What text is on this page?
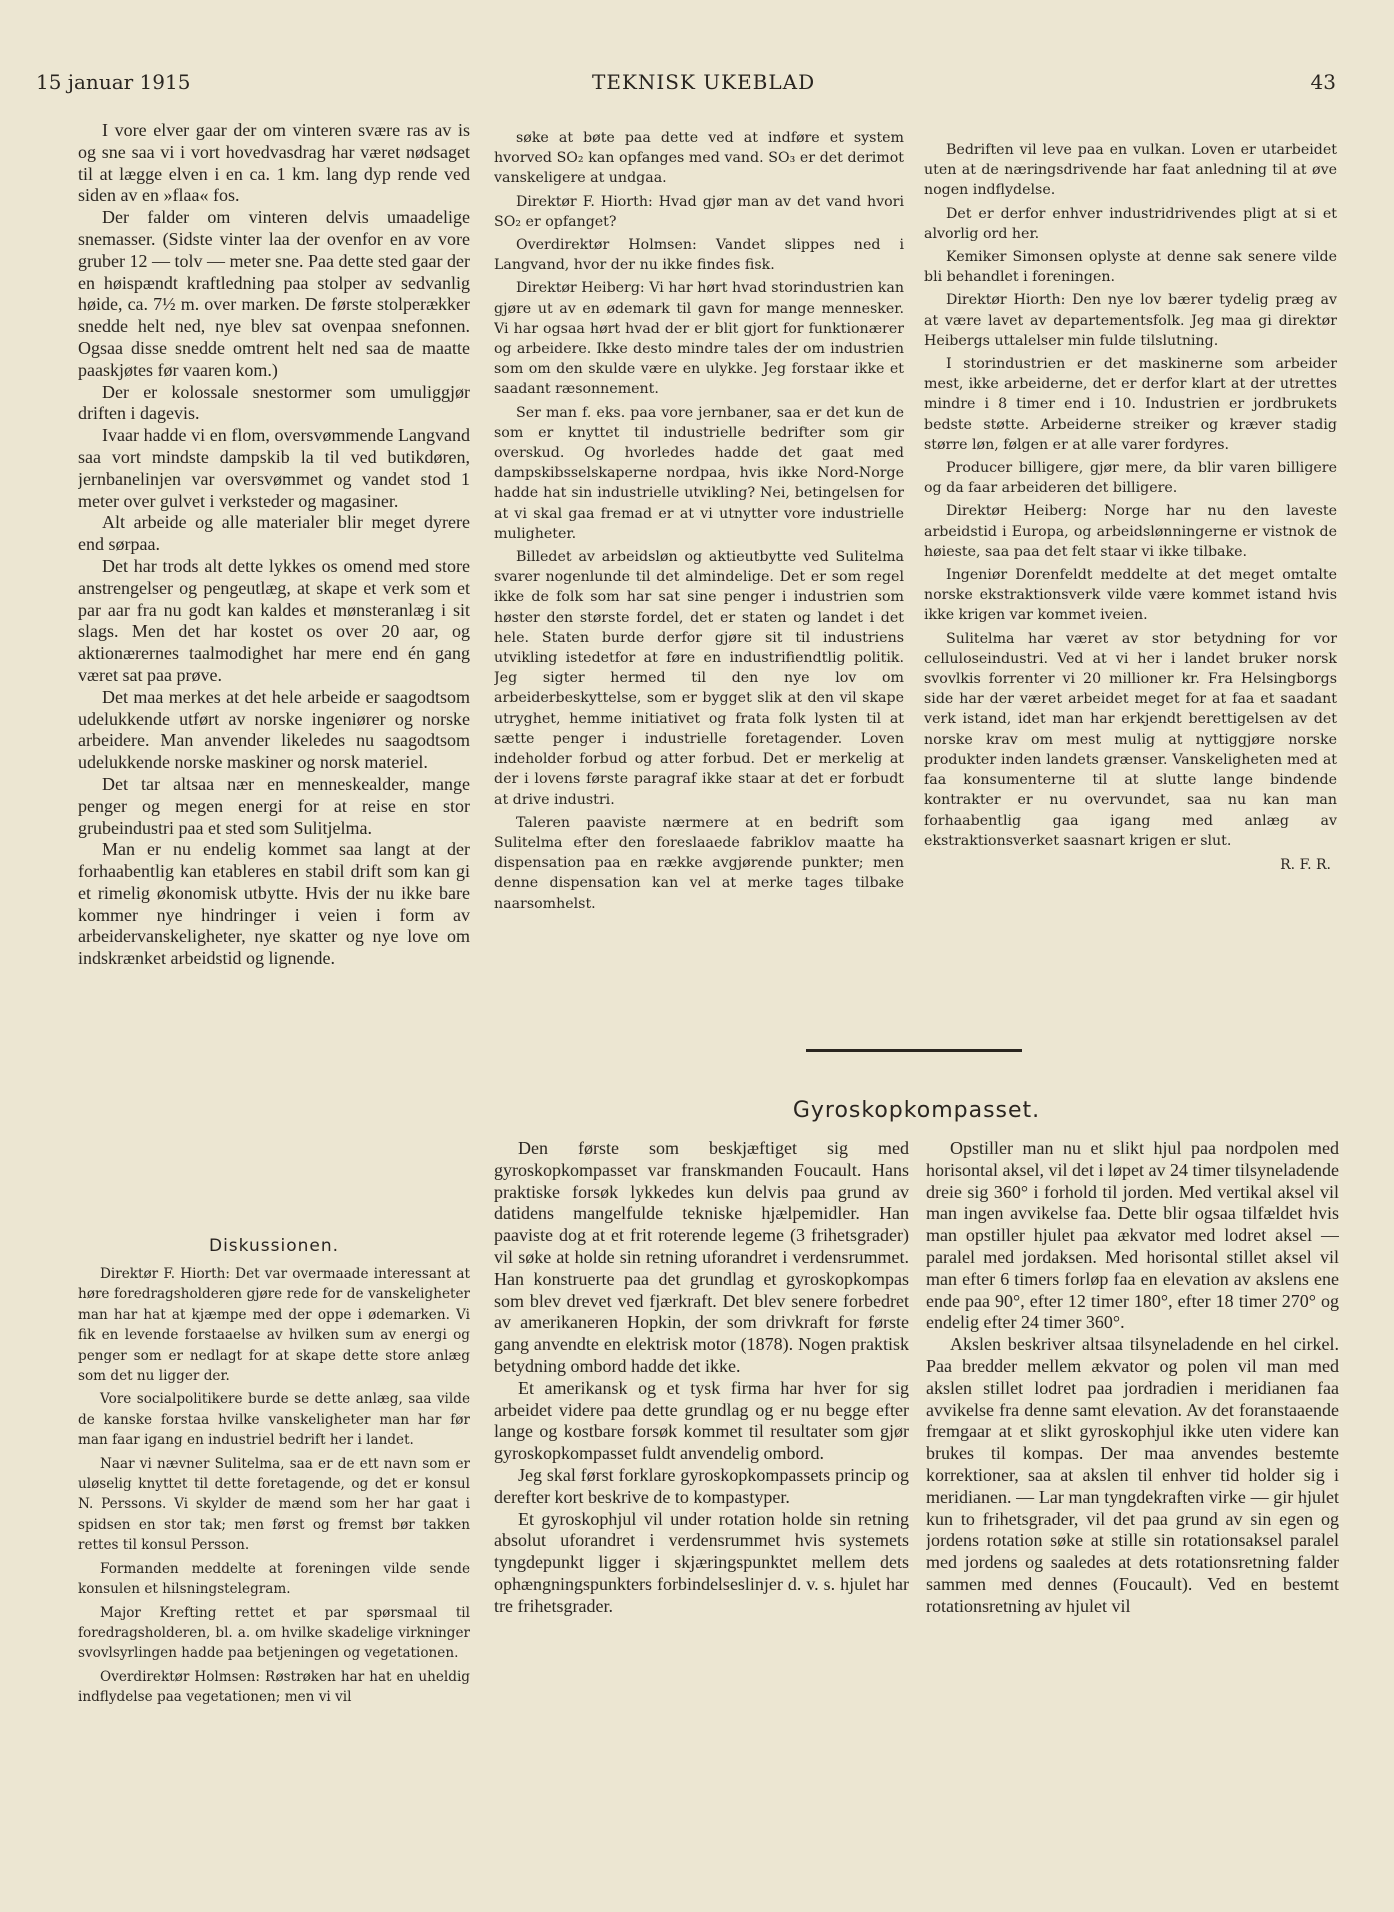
15 januar 1915	TEKNISK UKEBLAD	43

I vore elver gaar der om vinteren svære ras av is og sne saa vi i vort hovedvasdrag har været nødsaget til at lægge elven i en ca. 1 km. lang dyp rende ved siden av en »flaa« fos.

Der falder om vinteren delvis umaadelige snemasser. (Sidste vinter laa der ovenfor en av vore gruber 12 — tolv — meter sne. Paa dette sted gaar der en høispændt kraftledning paa stolper av sedvanlig høide, ca. 7½ m. over marken. De første stolperækker snedde helt ned, nye blev sat ovenpaa snefonnen. Ogsaa disse snedde omtrent helt ned saa de maatte paaskjøtes før vaaren kom.)

Der er kolossale snestormer som umuliggjør driften i dagevis.

Ivaar hadde vi en flom, oversvømmende Langvand saa vort mindste dampskib la til ved butikdøren, jernbanelinjen var oversvømmet og vandet stod 1 meter over gulvet i verksteder og magasiner.

Alt arbeide og alle materialer blir meget dyrere end sørpaa.

Det har trods alt dette lykkes os omend med store anstrengelser og pengeutlæg, at skape et verk som et par aar fra nu godt kan kaldes et mønsteranlæg i sit slags. Men det har kostet os over 20 aar, og aktionærernes taalmodighet har mere end én gang været sat paa prøve.

Det maa merkes at det hele arbeide er saagodtsom udelukkende utført av norske ingeniører og norske arbeidere. Man anvender likeledes nu saagodtsom udelukkende norske maskiner og norsk materiel.

Det tar altsaa nær en menneskealder, mange penger og megen energi for at reise en stor grubeindustri paa et sted som Sulitjelma.

Man er nu endelig kommet saa langt at der forhaabentlig kan etableres en stabil drift som kan gi et rimelig økonomisk utbytte. Hvis der nu ikke bare kommer nye hindringer i veien i form av arbeidervanskeligheter, nye skatter og nye love om indskrænket arbeidstid og lignende.

Diskussionen.

Direktør F. Hiorth: Det var overmaade interessant at høre foredragsholderen gjøre rede for de vanskeligheter man har hat at kjæmpe med der oppe i ødemarken. Vi fik en levende forstaaelse av hvilken sum av energi og penger som er nedlagt for at skape dette store anlæg som det nu ligger der.

Vore socialpolitikere burde se dette anlæg, saa vilde de kanske forstaa hvilke vanskeligheter man har før man faar igang en industriel bedrift her i landet.

Naar vi nævner Sulitelma, saa er de ett navn som er uløselig knyttet til dette foretagende, og det er konsul N. Perssons. Vi skylder de mænd som her har gaat i spidsen en stor tak; men først og fremst bør takken rettes til konsul Persson.

Formanden meddelte at foreningen vilde sende konsulen et hilsningstelegram.

Major Krefting rettet et par spørsmaal til foredragsholderen, bl. a. om hvilke skadelige virkninger svovlsyrlingen hadde paa betjeningen og vegetationen.

Overdirektør Holmsen: Røstrøken har hat en uheldig indflydelse paa vegetationen; men vi vil

søke at bøte paa dette ved at indføre et system hvorved SO₂ kan opfanges med vand. SO₃ er det derimot vanskeligere at undgaa.

Direktør F. Hiorth: Hvad gjør man av det vand hvori SO₂ er opfanget?

Overdirektør Holmsen: Vandet slippes ned i Langvand, hvor der nu ikke findes fisk.

Direktør Heiberg: Vi har hørt hvad storindustrien kan gjøre ut av en ødemark til gavn for mange mennesker. Vi har ogsaa hørt hvad der er blit gjort for funktionærer og arbeidere. Ikke desto mindre tales der om industrien som om den skulde være en ulykke. Jeg forstaar ikke et saadant ræsonnement.

Ser man f. eks. paa vore jernbaner, saa er det kun de som er knyttet til industrielle bedrifter som gir overskud. Og hvorledes hadde det gaat med dampskibsselskaperne nordpaa, hvis ikke Nord-Norge hadde hat sin industrielle utvikling? Nei, betingelsen for at vi skal gaa fremad er at vi utnytter vore industrielle muligheter.

Billedet av arbeidsløn og aktieutbytte ved Sulitelma svarer nogenlunde til det almindelige. Det er som regel ikke de folk som har sat sine penger i industrien som høster den største fordel, det er staten og landet i det hele. Staten burde derfor gjøre sit til industriens utvikling istedetfor at føre en industrifiendtlig politik. Jeg sigter hermed til den nye lov om arbeiderbeskyttelse, som er bygget slik at den vil skape utryghet, hemme initiativet og frata folk lysten til at sætte penger i industrielle foretagender. Loven indeholder forbud og atter forbud. Det er merkelig at der i lovens første paragraf ikke staar at det er forbudt at drive industri.

Taleren paaviste nærmere at en bedrift som Sulitelma efter den foreslaaede fabriklov maatte ha dispensation paa en række avgjørende punkter; men denne dispensation kan vel at merke tages tilbake naarsomhelst.

Bedriften vil leve paa en vulkan. Loven er utarbeidet uten at de næringsdrivende har faat anledning til at øve nogen indflydelse.

Det er derfor enhver industridrivendes pligt at si et alvorlig ord her.

Kemiker Simonsen oplyste at denne sak senere vilde bli behandlet i foreningen.

Direktør Hiorth: Den nye lov bærer tydelig præg av at være lavet av departementsfolk. Jeg maa gi direktør Heibergs uttalelser min fulde tilslutning.

I storindustrien er det maskinerne som arbeider mest, ikke arbeiderne, det er derfor klart at der utrettes mindre i 8 timer end i 10. Industrien er jordbrukets bedste støtte. Arbeiderne streiker og kræver stadig større løn, følgen er at alle varer fordyres.

Producer billigere, gjør mere, da blir varen billigere og da faar arbeideren det billigere.

Direktør Heiberg: Norge har nu den laveste arbeidstid i Europa, og arbeidslønningerne er vistnok de høieste, saa paa det felt staar vi ikke tilbake.

Ingeniør Dorenfeldt meddelte at det meget omtalte norske ekstraktionsverk vilde være kommet istand hvis ikke krigen var kommet iveien.

Sulitelma har været av stor betydning for vor celluloseindustri. Ved at vi her i landet bruker norsk svovlkis forrenter vi 20 millioner kr. Fra Helsingborgs side har der været arbeidet meget for at faa et saadant verk istand, idet man har erkjendt berettigelsen av det norske krav om mest mulig at nyttiggjøre norske produkter inden landets grænser. Vanskeligheten med at faa konsumenterne til at slutte lange bindende kontrakter er nu overvundet, saa nu kan man forhaabentlig gaa igang med anlæg av ekstraktionsverket saasnart krigen er slut.

R. F. R.
Gyroskopkompasset.

Den første som beskjæftiget sig med gyroskopkompasset var franskmanden Foucault. Hans praktiske forsøk lykkedes kun delvis paa grund av datidens mangelfulde tekniske hjælpemidler. Han paaviste dog at et frit roterende legeme (3 frihetsgrader) vil søke at holde sin retning uforandret i verdensrummet. Han konstruerte paa det grundlag et gyroskopkompas som blev drevet ved fjærkraft. Det blev senere forbedret av amerikaneren Hopkin, der som drivkraft for første gang anvendte en elektrisk motor (1878). Nogen praktisk betydning ombord hadde det ikke.

Et amerikansk og et tysk firma har hver for sig arbeidet videre paa dette grundlag og er nu begge efter lange og kostbare forsøk kommet til resultater som gjør gyroskopkompasset fuldt anvendelig ombord.

Jeg skal først forklare gyroskopkompassets princip og derefter kort beskrive de to kompastyper.

Et gyroskophjul vil under rotation holde sin retning absolut uforandret i verdensrummet hvis systemets tyngdepunkt ligger i skjæringspunktet mellem dets ophængningspunkters forbindelseslinjer d. v. s. hjulet har tre frihetsgrader.

Opstiller man nu et slikt hjul paa nordpolen med horisontal aksel, vil det i løpet av 24 timer tilsyneladende dreie sig 360° i forhold til jorden. Med vertikal aksel vil man ingen avvikelse faa. Dette blir ogsaa tilfældet hvis man opstiller hjulet paa ækvator med lodret aksel — paralel med jordaksen. Med horisontal stillet aksel vil man efter 6 timers forløp faa en elevation av akslens ene ende paa 90°, efter 12 timer 180°, efter 18 timer 270° og endelig efter 24 timer 360°.

Akslen beskriver altsaa tilsyneladende en hel cirkel. Paa bredder mellem ækvator og polen vil man med akslen stillet lodret paa jordradien i meridianen faa avvikelse fra denne samt elevation. Av det foranstaaende fremgaar at et slikt gyroskophjul ikke uten videre kan brukes til kompas. Der maa anvendes bestemte korrektioner, saa at akslen til enhver tid holder sig i meridianen. — Lar man tyngdekraften virke — gir hjulet kun to frihetsgrader, vil det paa grund av sin egen og jordens rotation søke at stille sin rotationsaksel paralel med jordens og saaledes at dets rotationsretning falder sammen med dennes (Foucault). Ved en bestemt rotationsretning av hjulet vil
